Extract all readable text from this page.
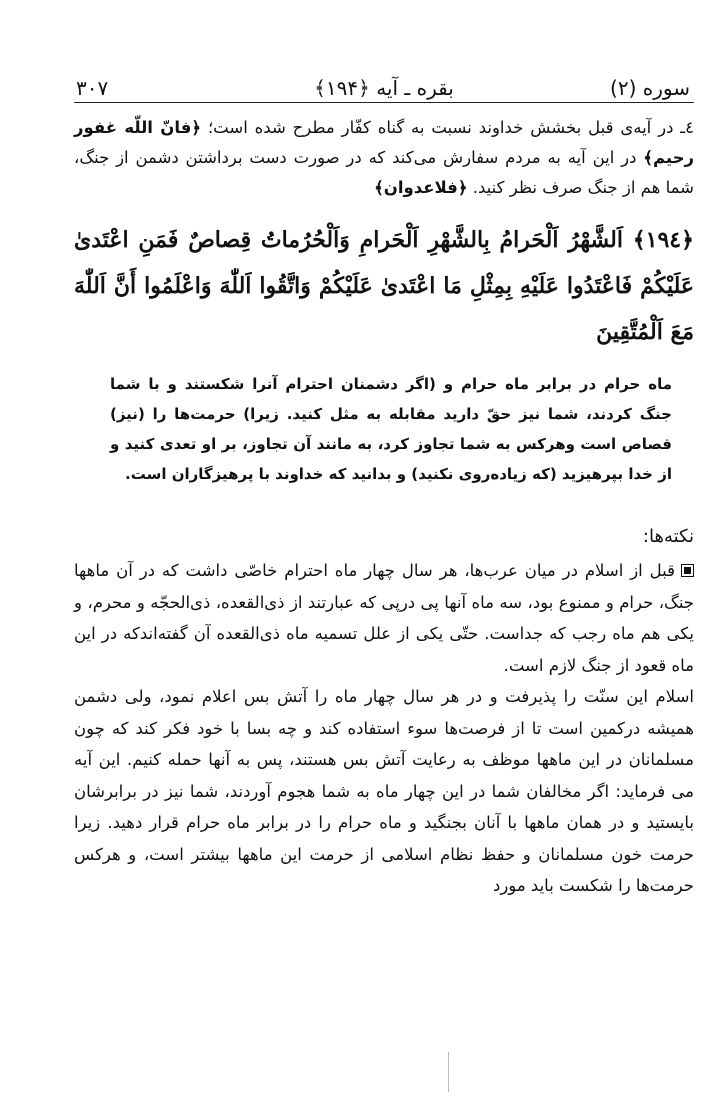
سوره (۲)
بقره ـ آیه ﴿۱۹۴﴾
۳۰۷
٤ـ در آیه‌ی قبل بخشش خداوند نسبت به گناه کفّار مطرح شده است؛ ﴿فانّ اللّه غفور رحیم﴾ در این آیه به مردم سفارش می‌کند که در صورت دست برداشتن دشمن از جنگ، شما هم از جنگ صرف نظر کنید. ﴿فلاعدوان﴾
﴿۱۹٤﴾ اَلشَّهْرُ اَلْحَرامُ بِالشَّهْرِ اَلْحَرامِ وَاَلْحُرُماتُ قِصاصٌ فَمَنِ اعْتَدىٰ عَلَيْكُمْ فَاعْتَدُوا عَلَيْهِ بِمِثْلِ مَا اعْتَدىٰ عَلَيْكُمْ وَاتَّقُوا اَللّٰهَ وَاعْلَمُوا أَنَّ اَللّٰهَ مَعَ اَلْمُتَّقِينَ
ماه حرام در برابر ماه حرام و (اگر دشمنان احترام آنرا شکستند و با شما جنگ کردند، شما نیز حقّ دارید مقابله به مثل کنید. زیرا) حرمت‌ها را (نیز) قصاص است وهرکس به شما تجاوز کرد، به مانند آن تجاوز، بر او تعدی کنید و از خدا بپرهیزید (که زیاده‌روی نکنید) و بدانید که خداوند با پرهیزگاران است.
نکته‌ها:

قبل از اسلام در میان عرب‌ها، هر سال چهار ماه احترام خاصّی داشت که در آن ماهها جنگ، حرام و ممنوع بود، سه ماه آنها پی درپی که عبارتند از ذی‌القعده، ذی‌الحجّه و محرم، و یکی هم ماه رجب که جداست. حتّی یکی از علل تسمیه ماه ذی‌القعده آن گفته‌اندکه در این ماه قعود از جنگ لازم است.

اسلام این سنّت را پذیرفت و در هر سال چهار ماه را آتش بس اعلام نمود، ولی دشمن همیشه درکمین است تا از فرصت‌ها سوء استفاده کند و چه بسا با خود فکر کند که چون مسلمانان در این ماهها موظف به رعایت آتش بس هستند، پس به آنها حمله کنیم. این آیه می فرماید: اگر مخالفان شما در این چهار ماه به شما هجوم آوردند، شما نیز در برابرشان بایستید و در همان ماهها با آنان بجنگید و ماه حرام را در برابر ماه حرام قرار دهید. زیرا حرمت خون مسلمانان و حفظ نظام اسلامی از حرمت این ماهها بیشتر است، و هرکس حرمت‌ها را شکست باید مورد
